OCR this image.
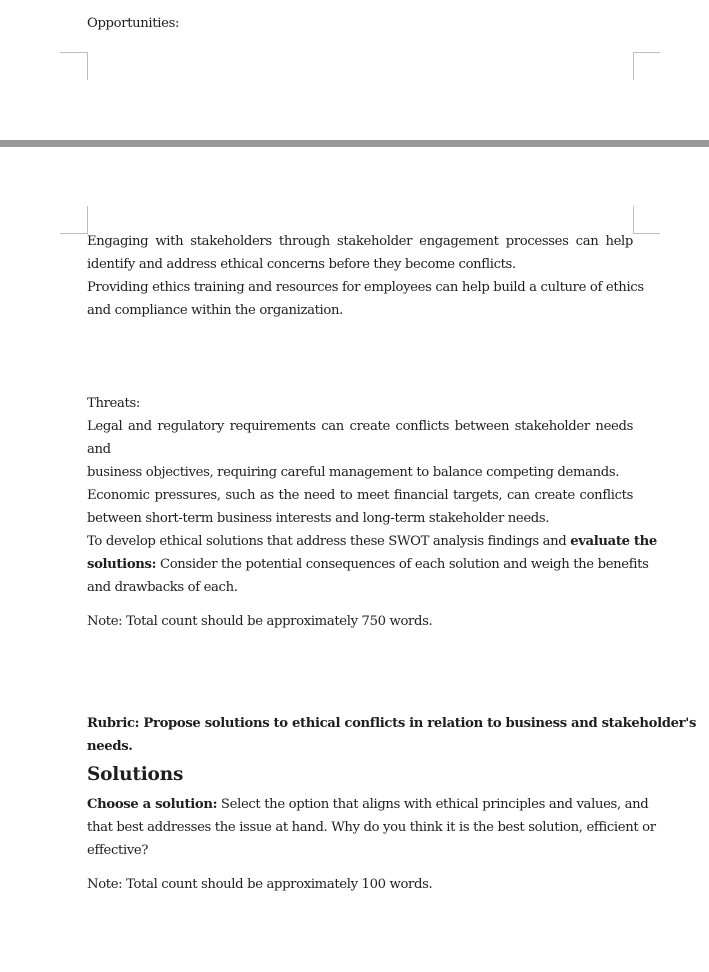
Opportunities:
Engaging with stakeholders through stakeholder engagement processes can help
identify and address ethical concerns before they become conflicts.
Providing ethics training and resources for employees can help build a culture of ethics
and compliance within the organization.
Threats:
Legal and regulatory requirements can create conflicts between stakeholder needs and
business objectives, requiring careful management to balance competing demands.
Economic pressures, such as the need to meet financial targets, can create conflicts
between short-term business interests and long-term stakeholder needs.
To develop ethical solutions that address these SWOT analysis findings and evaluate the
solutions: Consider the potential consequences of each solution and weigh the benefits
and drawbacks of each.
Note: Total count should be approximately 750 words.
Rubric: Propose solutions to ethical conflicts in relation to business and stakeholder's
needs.
Solutions
Choose a solution: Select the option that aligns with ethical principles and values, and
that best addresses the issue at hand. Why do you think it is the best solution, efficient or
effective?
Note: Total count should be approximately 100 words.
